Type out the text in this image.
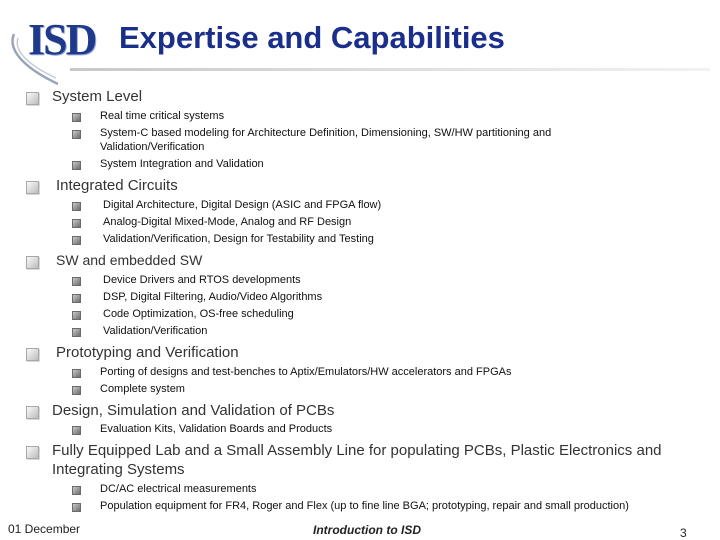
ISD Expertise and Capabilities
System Level
Real time critical systems
System-C based modeling for Architecture Definition, Dimensioning, SW/HW partitioning and Validation/Verification
System Integration and Validation
Integrated Circuits
Digital Architecture, Digital Design (ASIC and FPGA flow)
Analog-Digital Mixed-Mode, Analog and RF Design
Validation/Verification, Design for Testability and Testing
SW and embedded SW
Device Drivers and RTOS developments
DSP, Digital Filtering, Audio/Video Algorithms
Code Optimization, OS-free scheduling
Validation/Verification
Prototyping and Verification
Porting of designs and test-benches to Aptix/Emulators/HW accelerators and FPGAs
Complete system
Design, Simulation and Validation of PCBs
Evaluation Kits, Validation Boards and Products
Fully Equipped Lab and a Small Assembly Line for populating PCBs, Plastic Electronics and Integrating Systems
DC/AC electrical measurements
Population equipment for FR4, Roger and Flex (up to fine line BGA; prototyping, repair and small production)
01 December	Introduction to ISD	3
